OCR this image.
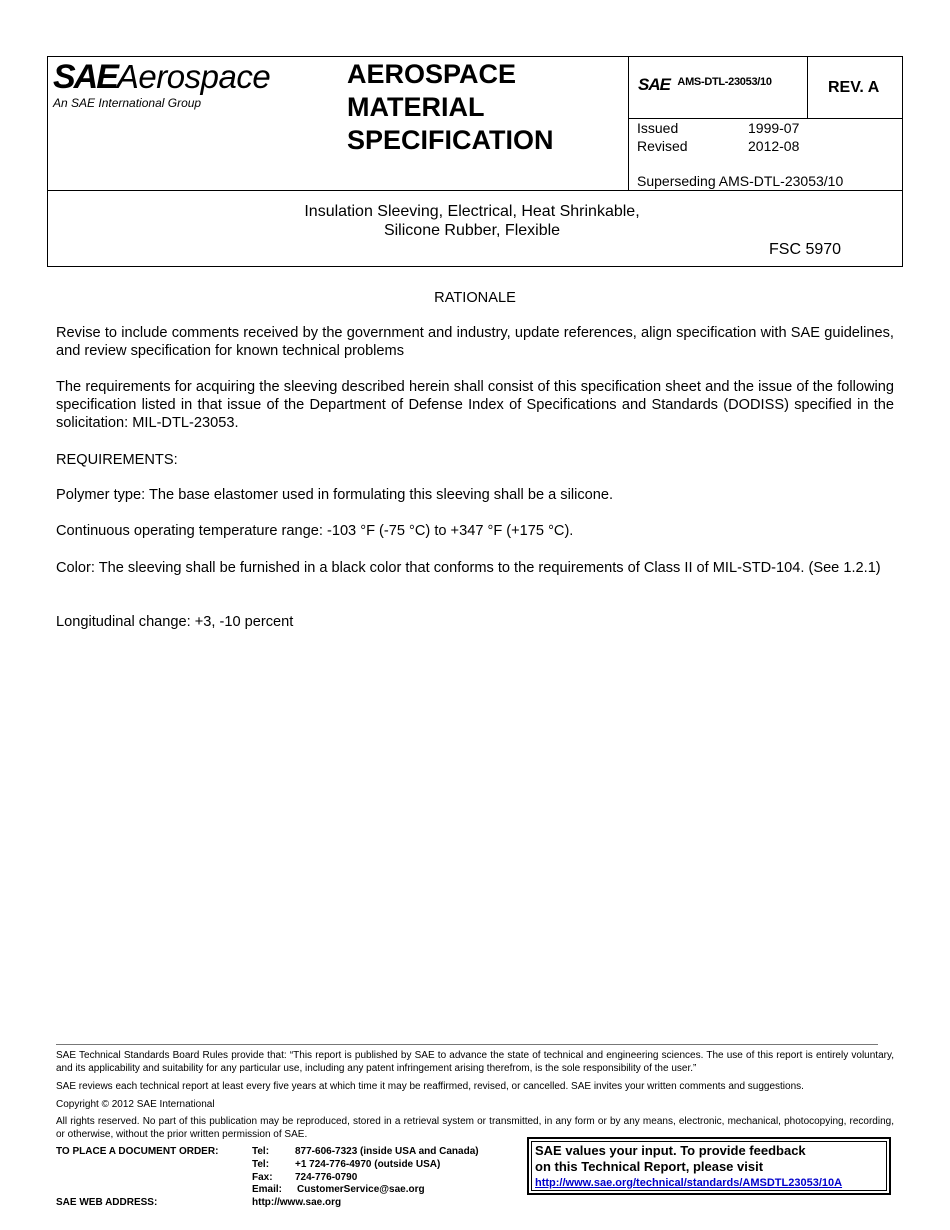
SAEAerospace
An SAE International Group
AEROSPACE
MATERIAL
SPECIFICATION
SAE $^{AMS-DTL-23053/10}$	REV. A
Issued	1999-07
Revised	2012-08
Superseding AMS-DTL-23053/10
Insulation Sleeving, Electrical, Heat Shrinkable,
Silicone Rubber, Flexible
FSC 5970
RATIONALE
Revise to include comments received by the government and industry, update references, align specification with SAE guidelines, and review specification for known technical problems
The requirements for acquiring the sleeving described herein shall consist of this specification sheet and the issue of the following specification listed in that issue of the Department of Defense Index of Specifications and Standards (DODISS) specified in the solicitation: MIL-DTL-23053.
REQUIREMENTS:
Polymer type: The base elastomer used in formulating this sleeving shall be a silicone.
Continuous operating temperature range: -103 °F (-75 °C) to +347 °F (+175 °C).
Color: The sleeving shall be furnished in a black color that conforms to the requirements of Class II of MIL-STD-104. (See 1.2.1)
Longitudinal change: +3, -10 percent
SAE Technical Standards Board Rules provide that: “This report is published by SAE to advance the state of technical and engineering sciences. The use of this report is entirely voluntary, and its applicability and suitability for any particular use, including any patent infringement arising therefrom, is the sole responsibility of the user.”
SAE reviews each technical report at least every five years at which time it may be reaffirmed, revised, or cancelled. SAE invites your written comments and suggestions.
Copyright © 2012 SAE International
All rights reserved. No part of this publication may be reproduced, stored in a retrieval system or transmitted, in any form or by any means, electronic, mechanical, photocopying, recording, or otherwise, without the prior written permission of SAE.
TO PLACE A DOCUMENT ORDER:	Tel:	877-606-7323 (inside USA and Canada)
Tel:	+1 724-776-4970 (outside USA)
Fax: 724-776-0790
Email: CustomerService@sae.org
SAE WEB ADDRESS:	http://www.sae.org
SAE values your input. To provide feedback
on this Technical Report, please visit
http://www.sae.org/technical/standards/AMSDTL23053/10A
